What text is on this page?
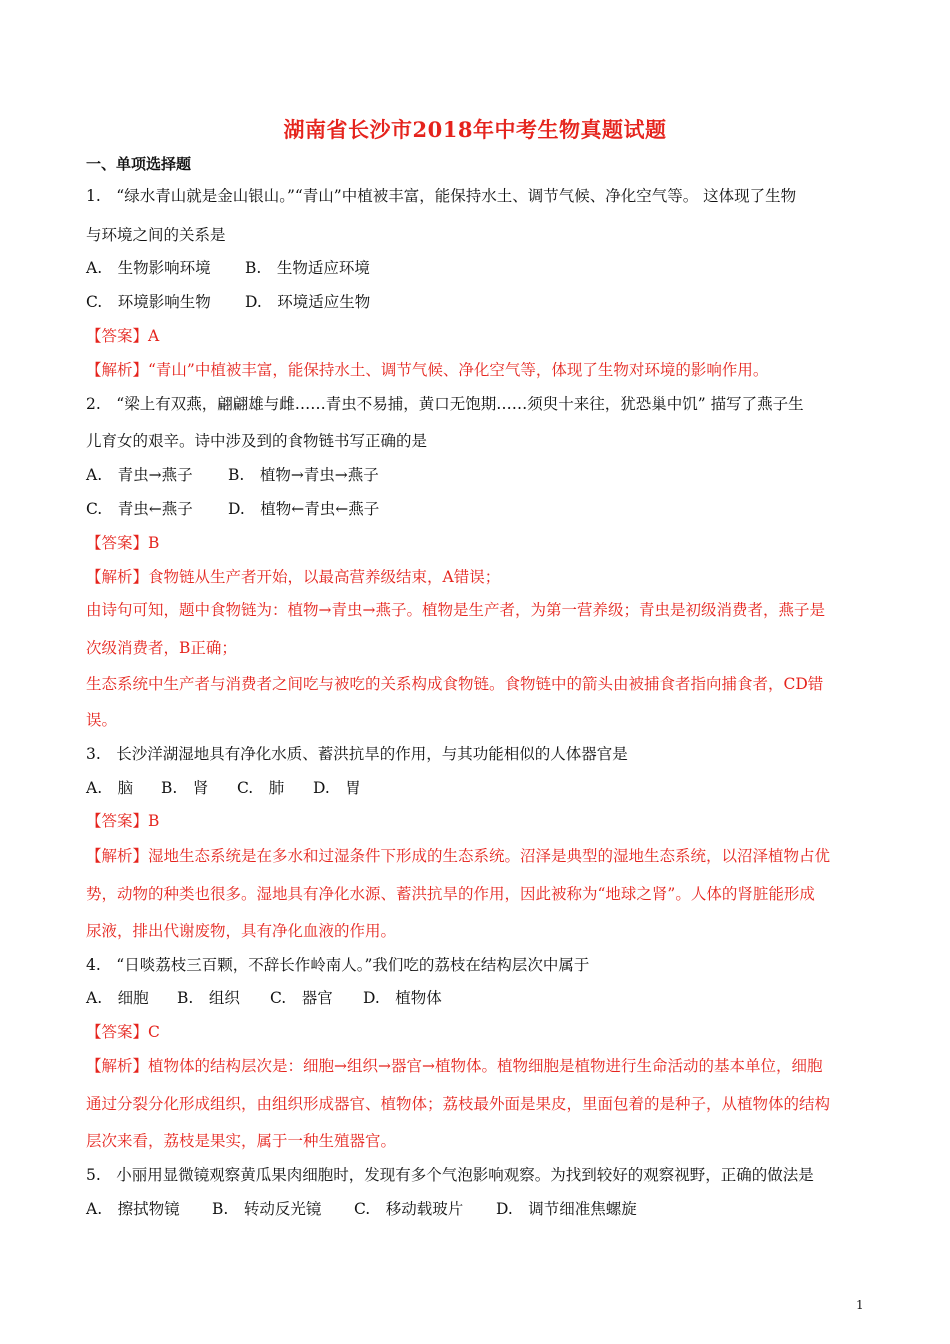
湖南省长沙市2018年中考生物真题试题
一、单项选择题
1.　“绿水青山就是金山银山。”“青山”中植被丰富，能保持水土、调节气候、净化空气等。 这体现了生物
与环境之间的关系是
A.　生物影响环境 B.　生物适应环境
C.　环境影响生物 D.　环境适应生物
【答案】A
【解析】“青山”中植被丰富，能保持水土、调节气候、净化空气等，体现了生物对环境的影响作用。
2.　“梁上有双燕，翩翩雄与雌……青虫不易捕，黄口无饱期……须臾十来往，犹恐巢中饥” 描写了燕子生
儿育女的艰辛。诗中涉及到的食物链书写正确的是
A.　青虫→燕子 B.　植物→青虫→燕子
C.　青虫←燕子 D.　植物←青虫←燕子
【答案】B
【解析】食物链从生产者开始，以最高营养级结束，A错误；
由诗句可知，题中食物链为：植物→青虫→燕子。植物是生产者，为第一营养级；青虫是初级消费者，燕子是
次级消费者，B正确；
生态系统中生产者与消费者之间吃与被吃的关系构成食物链。食物链中的箭头由被捕食者指向捕食者，CD错
误。
3.　长沙洋湖湿地具有净化水质、蓄洪抗旱的作用，与其功能相似的人体器官是
A.　脑 B.　肾 C.　肺 D.　胃
【答案】B
【解析】湿地生态系统是在多水和过湿条件下形成的生态系统。沼泽是典型的湿地生态系统，以沼泽植物占优
势，动物的种类也很多。湿地具有净化水源、蓄洪抗旱的作用，因此被称为“地球之肾”。人体的肾脏能形成
尿液，排出代谢废物，具有净化血液的作用。
4.　“日啖荔枝三百颗，不辞长作岭南人。”我们吃的荔枝在结构层次中属于
A.　细胞 B.　组织 C.　器官 D.　植物体
【答案】C
【解析】植物体的结构层次是：细胞→组织→器官→植物体。植物细胞是植物进行生命活动的基本单位，细胞
通过分裂分化形成组织，由组织形成器官、植物体；荔枝最外面是果皮，里面包着的是种子，从植物体的结构
层次来看，荔枝是果实，属于一种生殖器官。
5.　小丽用显微镜观察黄瓜果肉细胞时，发现有多个气泡影响观察。为找到较好的观察视野，正确的做法是
A.　擦拭物镜 B.　转动反光镜 C.　移动载玻片 D.　调节细准焦螺旋
1
